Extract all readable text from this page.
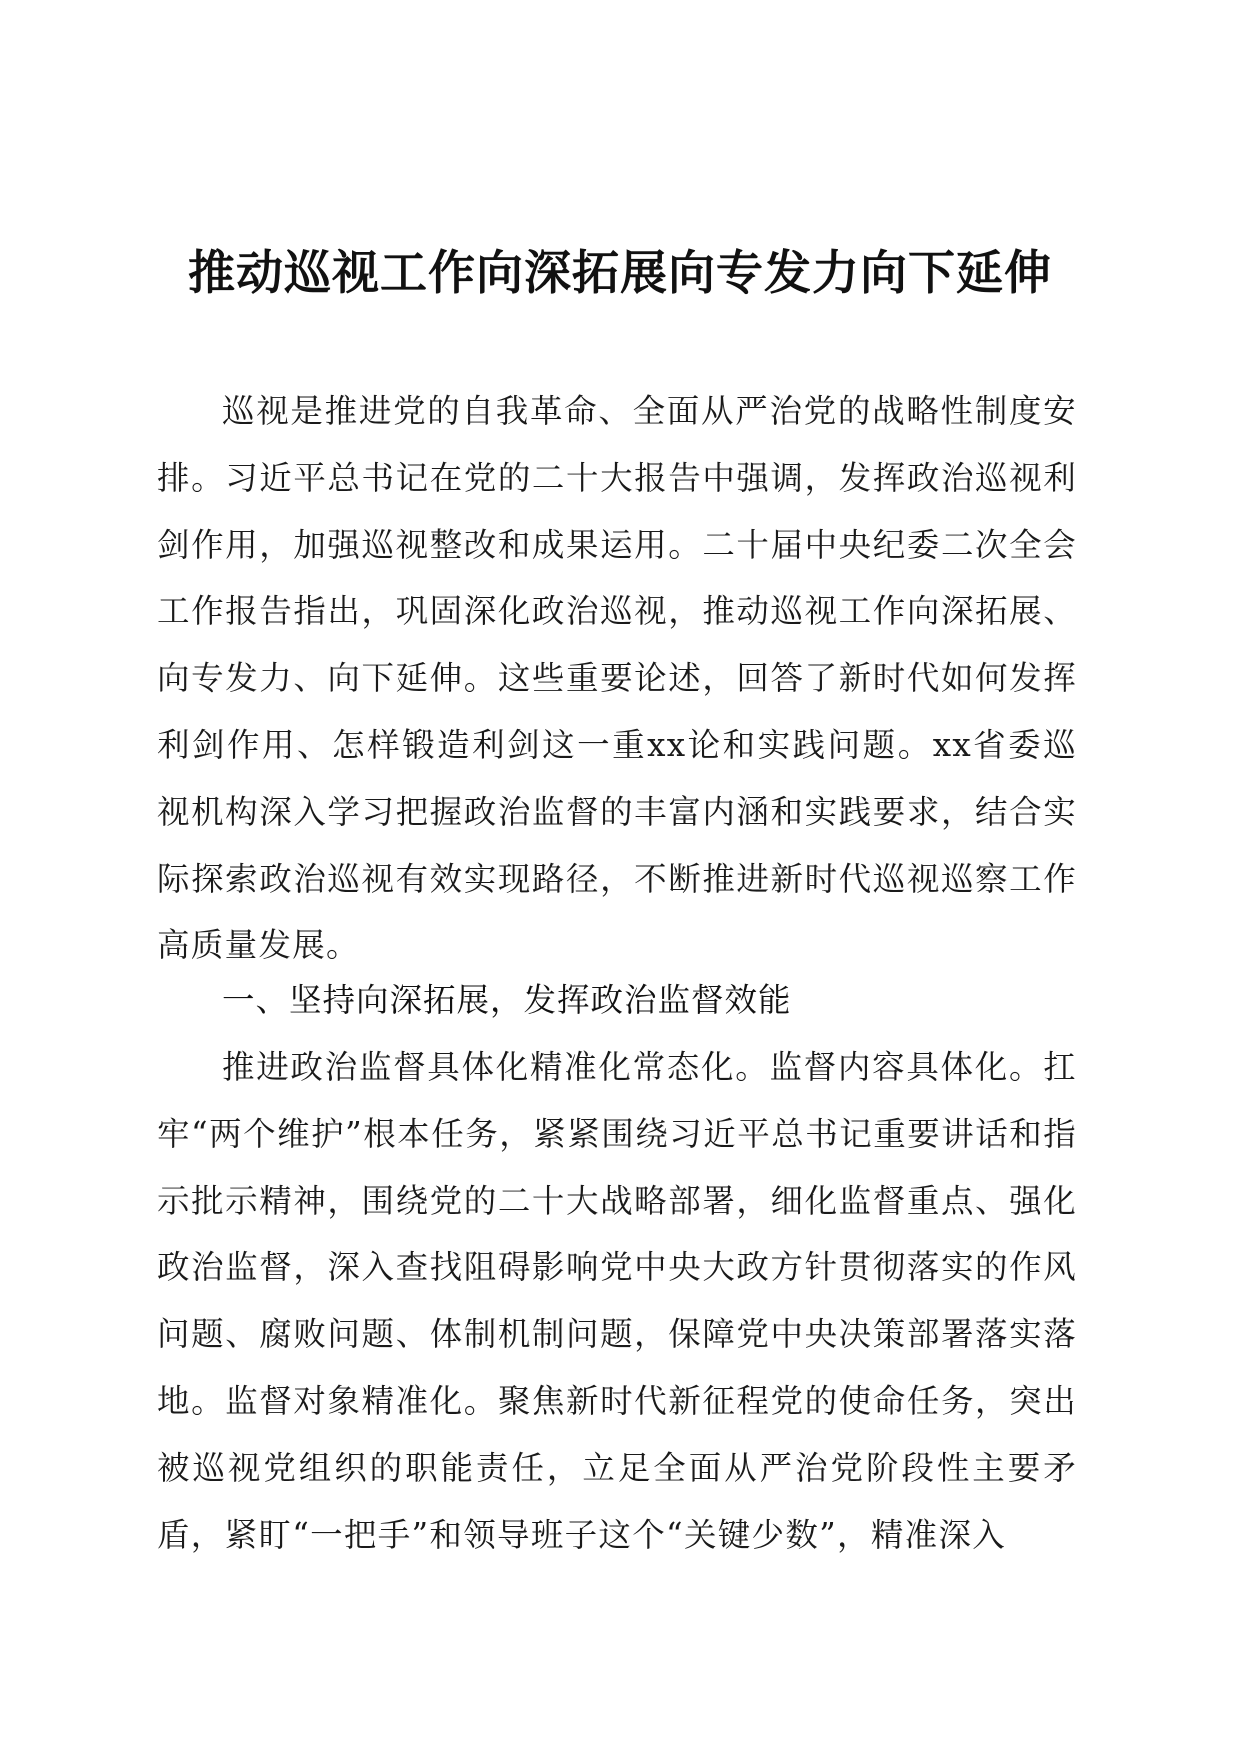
推动巡视工作向深拓展向专发力向下延伸

巡视是推进党的自我革命、全面从严治党的战略性制度安排。习近平总书记在党的二十大报告中强调，发挥政治巡视利剑作用，加强巡视整改和成果运用。二十届中央纪委二次全会工作报告指出，巩固深化政治巡视，推动巡视工作向深拓展、向专发力、向下延伸。这些重要论述，回答了新时代如何发挥利剑作用、怎样锻造利剑这一重xx论和实践问题。xx省委巡视机构深入学习把握政治监督的丰富内涵和实践要求，结合实际探索政治巡视有效实现路径，不断推进新时代巡视巡察工作高质量发展。

一、坚持向深拓展，发挥政治监督效能

推进政治监督具体化精准化常态化。监督内容具体化。扛牢“两个维护”根本任务，紧紧围绕习近平总书记重要讲话和指示批示精神，围绕党的二十大战略部署，细化监督重点、强化政治监督，深入查找阻碍影响党中央大政方针贯彻落实的作风问题、腐败问题、体制机制问题，保障党中央决策部署落实落地。监督对象精准化。聚焦新时代新征程党的使命任务，突出被巡视党组织的职能责任，立足全面从严治党阶段性主要矛盾，紧盯“一把手”和领导班子这个“关键少数”，精准深入
